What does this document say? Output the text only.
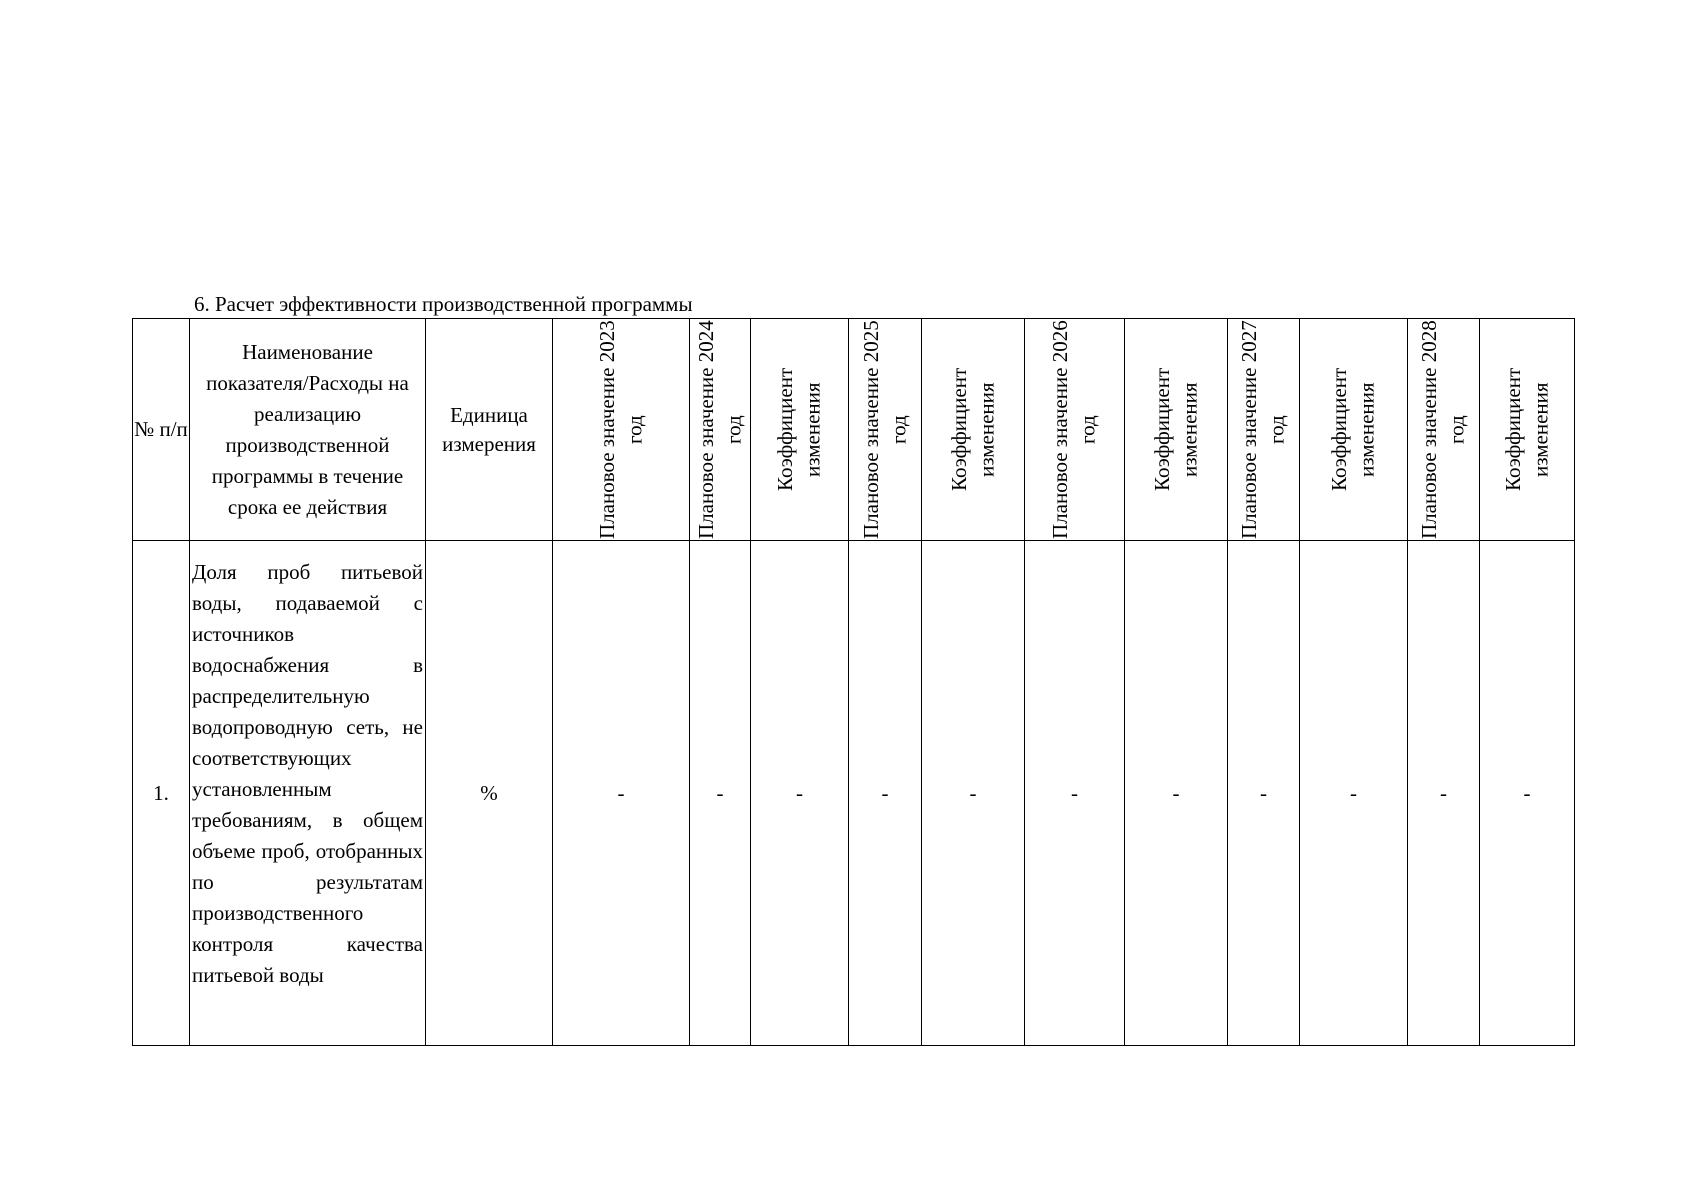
6. Расчет эффективности производственной программы
№ п/п	Наименование показателя/Расходы на реализацию производственной программы в течение срока ее действия	Единица измерения	Плановое значение 2023 год	Плановое значение 2024 год	Коэффициент изменения	Плановое значение 2025 год	Коэффициент изменения	Плановое значение 2026 год	Коэффициент изменения	Плановое значение 2027 год	Коэффициент изменения	Плановое значение 2028 год	Коэффициент изменения

1.	Доля проб питьевой воды, подаваемой с источников водоснабжения в распределительную водопроводную сеть, не соответствующих установленным требованиям, в общем объеме проб, отобранных по результатам производственного контроля качества питьевой воды	%	-	-	-	-	-	-	-	-	-	-	-
